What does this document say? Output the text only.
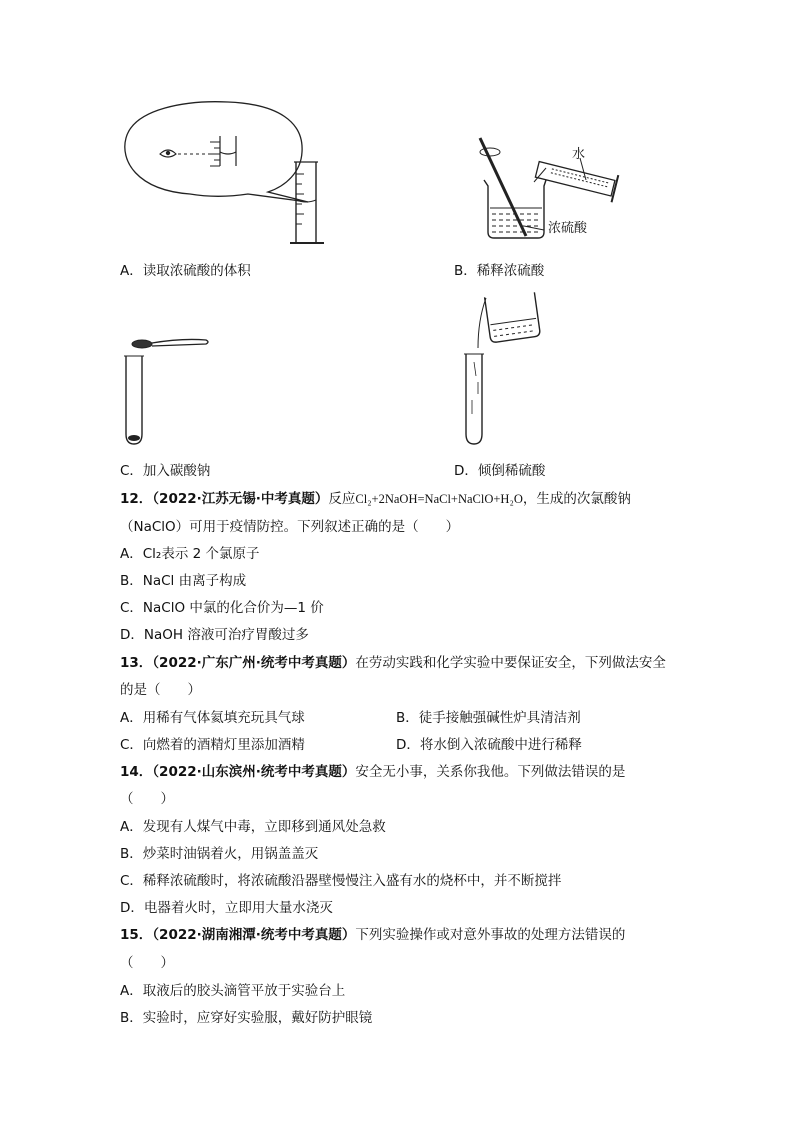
水
浓硫酸
A．读取浓硫酸的体积	B．稀释浓硫酸
C．加入碳酸钠	D．倾倒稀硫酸
12．（2022·江苏无锡·中考真题）反应Cl₂+2NaOH=NaCl+NaClO+H₂O，生成的次氯酸钠
（NaClO）可用于疫情防控。下列叙述正确的是（　　）
A．Cl₂表示 2 个氯原子
B．NaCl 由离子构成
C．NaClO 中氯的化合价为—1 价
D．NaOH 溶液可治疗胃酸过多
13．（2022·广东广州·统考中考真题）在劳动实践和化学实验中要保证安全，下列做法安全
的是（　　）
A．用稀有气体氦填充玩具气球	B．徒手接触强碱性炉具清洁剂
C．向燃着的酒精灯里添加酒精	D．将水倒入浓硫酸中进行稀释
14．（2022·山东滨州·统考中考真题）安全无小事，关系你我他。下列做法错误的是
（　　）
A．发现有人煤气中毒，立即移到通风处急救
B．炒菜时油锅着火，用锅盖盖灭
C．稀释浓硫酸时，将浓硫酸沿器壁慢慢注入盛有水的烧杯中，并不断搅拌
D．电器着火时，立即用大量水浇灭
15．（2022·湖南湘潭·统考中考真题）下列实验操作或对意外事故的处理方法错误的
（　　）
A．取液后的胶头滴管平放于实验台上
B．实验时，应穿好实验服，戴好防护眼镜
